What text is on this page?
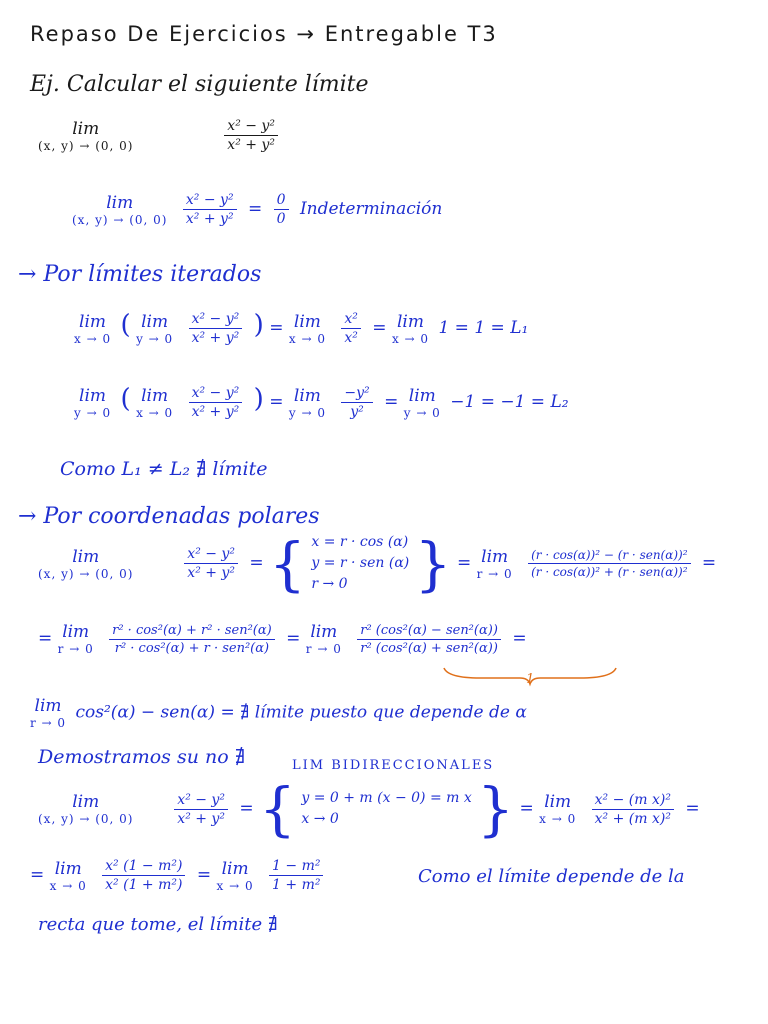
Repaso De Ejercicios → Entregable T3
Ej. Calcular el siguiente límite
lim
(x, y) → (0, 0)
	$\frac{\text{x² − y²}}{\text{x² + y²}}$
lim
(x, y) → (0, 0)
$\frac{\text{x² − y²}}{\text{x² + y²}} = \frac{0}{0}$ Indeterminación
→ Por límites iterados
lim
x → 0 ( lim
y → 0
$\frac{\text{x² − y²}}{\text{x² + y²}}$ ) = lim
x → 0
$\frac{\text{x²}}{\text{x²}} = \lim$
x → 0
1 = 1 = L₁
lim
y → 0 ( lim
x → 0
$\frac{\text{x² − y²}}{\text{x² + y²}}$ ) = lim
y → 0
$\frac{\text{−y²}}{\text{y²}} = \lim$
y → 0
−1 = −1 = L₂
Como L₁ ≠ L₂ ∄ límite
→ Por coordenadas polares
lim
(x, y) → (0, 0)
	$\frac{\text{x² − y²}}{\text{x² + y²}}$ = { x = r · cos (α)
y = r · sen (α)
r → 0	} = lim
r → 0
$\frac{\text{(r · cos(α))² − (r · sen(α))²}}{\text{(r · cos(α))² + (r · sen(α))²}}$ =
= lim
r → 0
$\frac{\text{r² · cos²(α) + r² · sen²(α)}}{\text{r² · cos²(α) + r · sen²(α)}} = \lim$
r → 0
$\frac{\text{r² (cos²(α) − sen²(α))}}{\text{r² (cos²(α) + sen²(α))}}$ =
1
lim
r → 0
cos²(α) − sen(α) = ∄ límite puesto que depende de α
Demostramos su no ∄	LIM BIDIRECCIONALES
lim
(x, y) → (0, 0)
	$\frac{\text{x² − y²}}{\text{x² + y²}}$ = { y = 0 + m (x − 0) = m x
x → 0	} = lim
x → 0
$\frac{\text{x² − (m x)²}}{\text{x² + (m x)²}}$ =
= lim
x → 0
$\frac{\text{x² (1 − m²)}}{\text{x² (1 + m²)}} = \lim$
x → 0
$\frac{\text{1 − m²}}{\text{1 + m²}}$	Como el límite depende de la
recta que tome, el límite ∄
